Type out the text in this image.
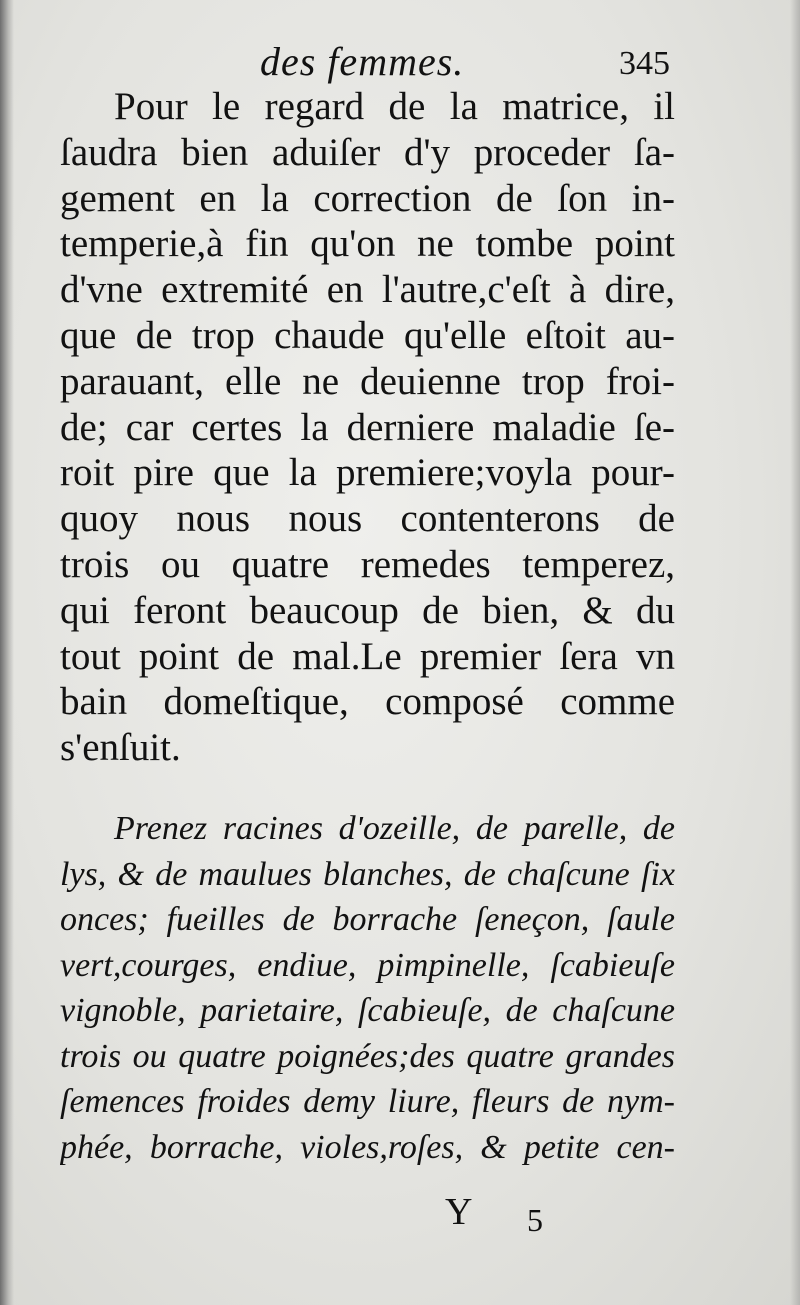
des femmes.	345
Pour le regard de la matrice, il
ſaudra bien aduiſer d'y proceder ſa-
gement en la correction de ſon in-
temperie,à fin qu'on ne tombe point
d'vne extremité en l'autre,c'eſt à dire,
que de trop chaude qu'elle eſtoit au-
parauant, elle ne deuienne trop froi-
de; car certes la derniere maladie ſe-
roit pire que la premiere;voyla pour-
quoy nous nous contenterons de
trois ou quatre remedes temperez,
qui feront beaucoup de bien, & du
tout point de mal.Le premier ſera vn
bain domeſtique, composé comme
s'enſuit.
Prenez racines d'ozeille, de parelle, de
lys, & de maulues blanches, de chaſcune ſix
onces; fueilles de borrache ſeneçon, ſaule
vert,courges, endiue, pimpinelle, ſcabieuſe
vignoble, parietaire, ſcabieuſe, de chaſcune
trois ou quatre poignées;des quatre grandes
ſemences froides demy liure, fleurs de nym-
phée, borrache, violes,roſes, & petite cen-
Y 5
